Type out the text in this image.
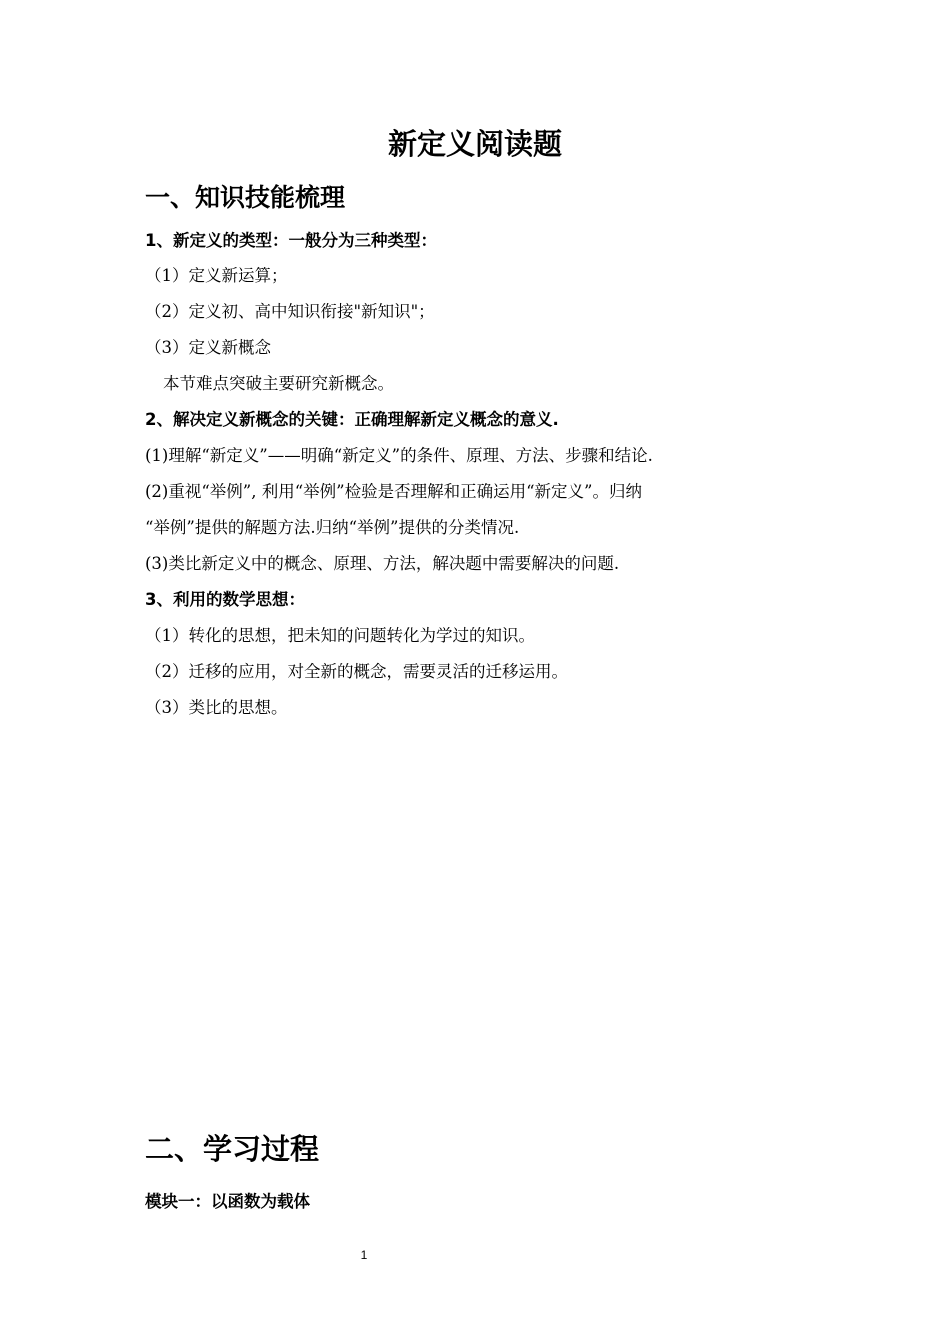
新定义阅读题
一、知识技能梳理
1、新定义的类型：一般分为三种类型：
（1）定义新运算；
（2）定义初、高中知识衔接"新知识"；
（3）定义新概念
本节难点突破主要研究新概念。
2、解决定义新概念的关键：正确理解新定义概念的意义.
(1)理解“新定义”——明确“新定义”的条件、原理、方法、步骤和结论.
(2)重视“举例”, 利用“举例”检验是否理解和正确运用“新定义”。归纳
“举例”提供的解题方法.归纳“举例”提供的分类情况.
(3)类比新定义中的概念、原理、方法，解决题中需要解决的问题.
3、利用的数学思想：
（1）转化的思想，把未知的问题转化为学过的知识。
（2）迁移的应用，对全新的概念，需要灵活的迁移运用。
（3）类比的思想。
二、学习过程
模块一：以函数为载体
1
